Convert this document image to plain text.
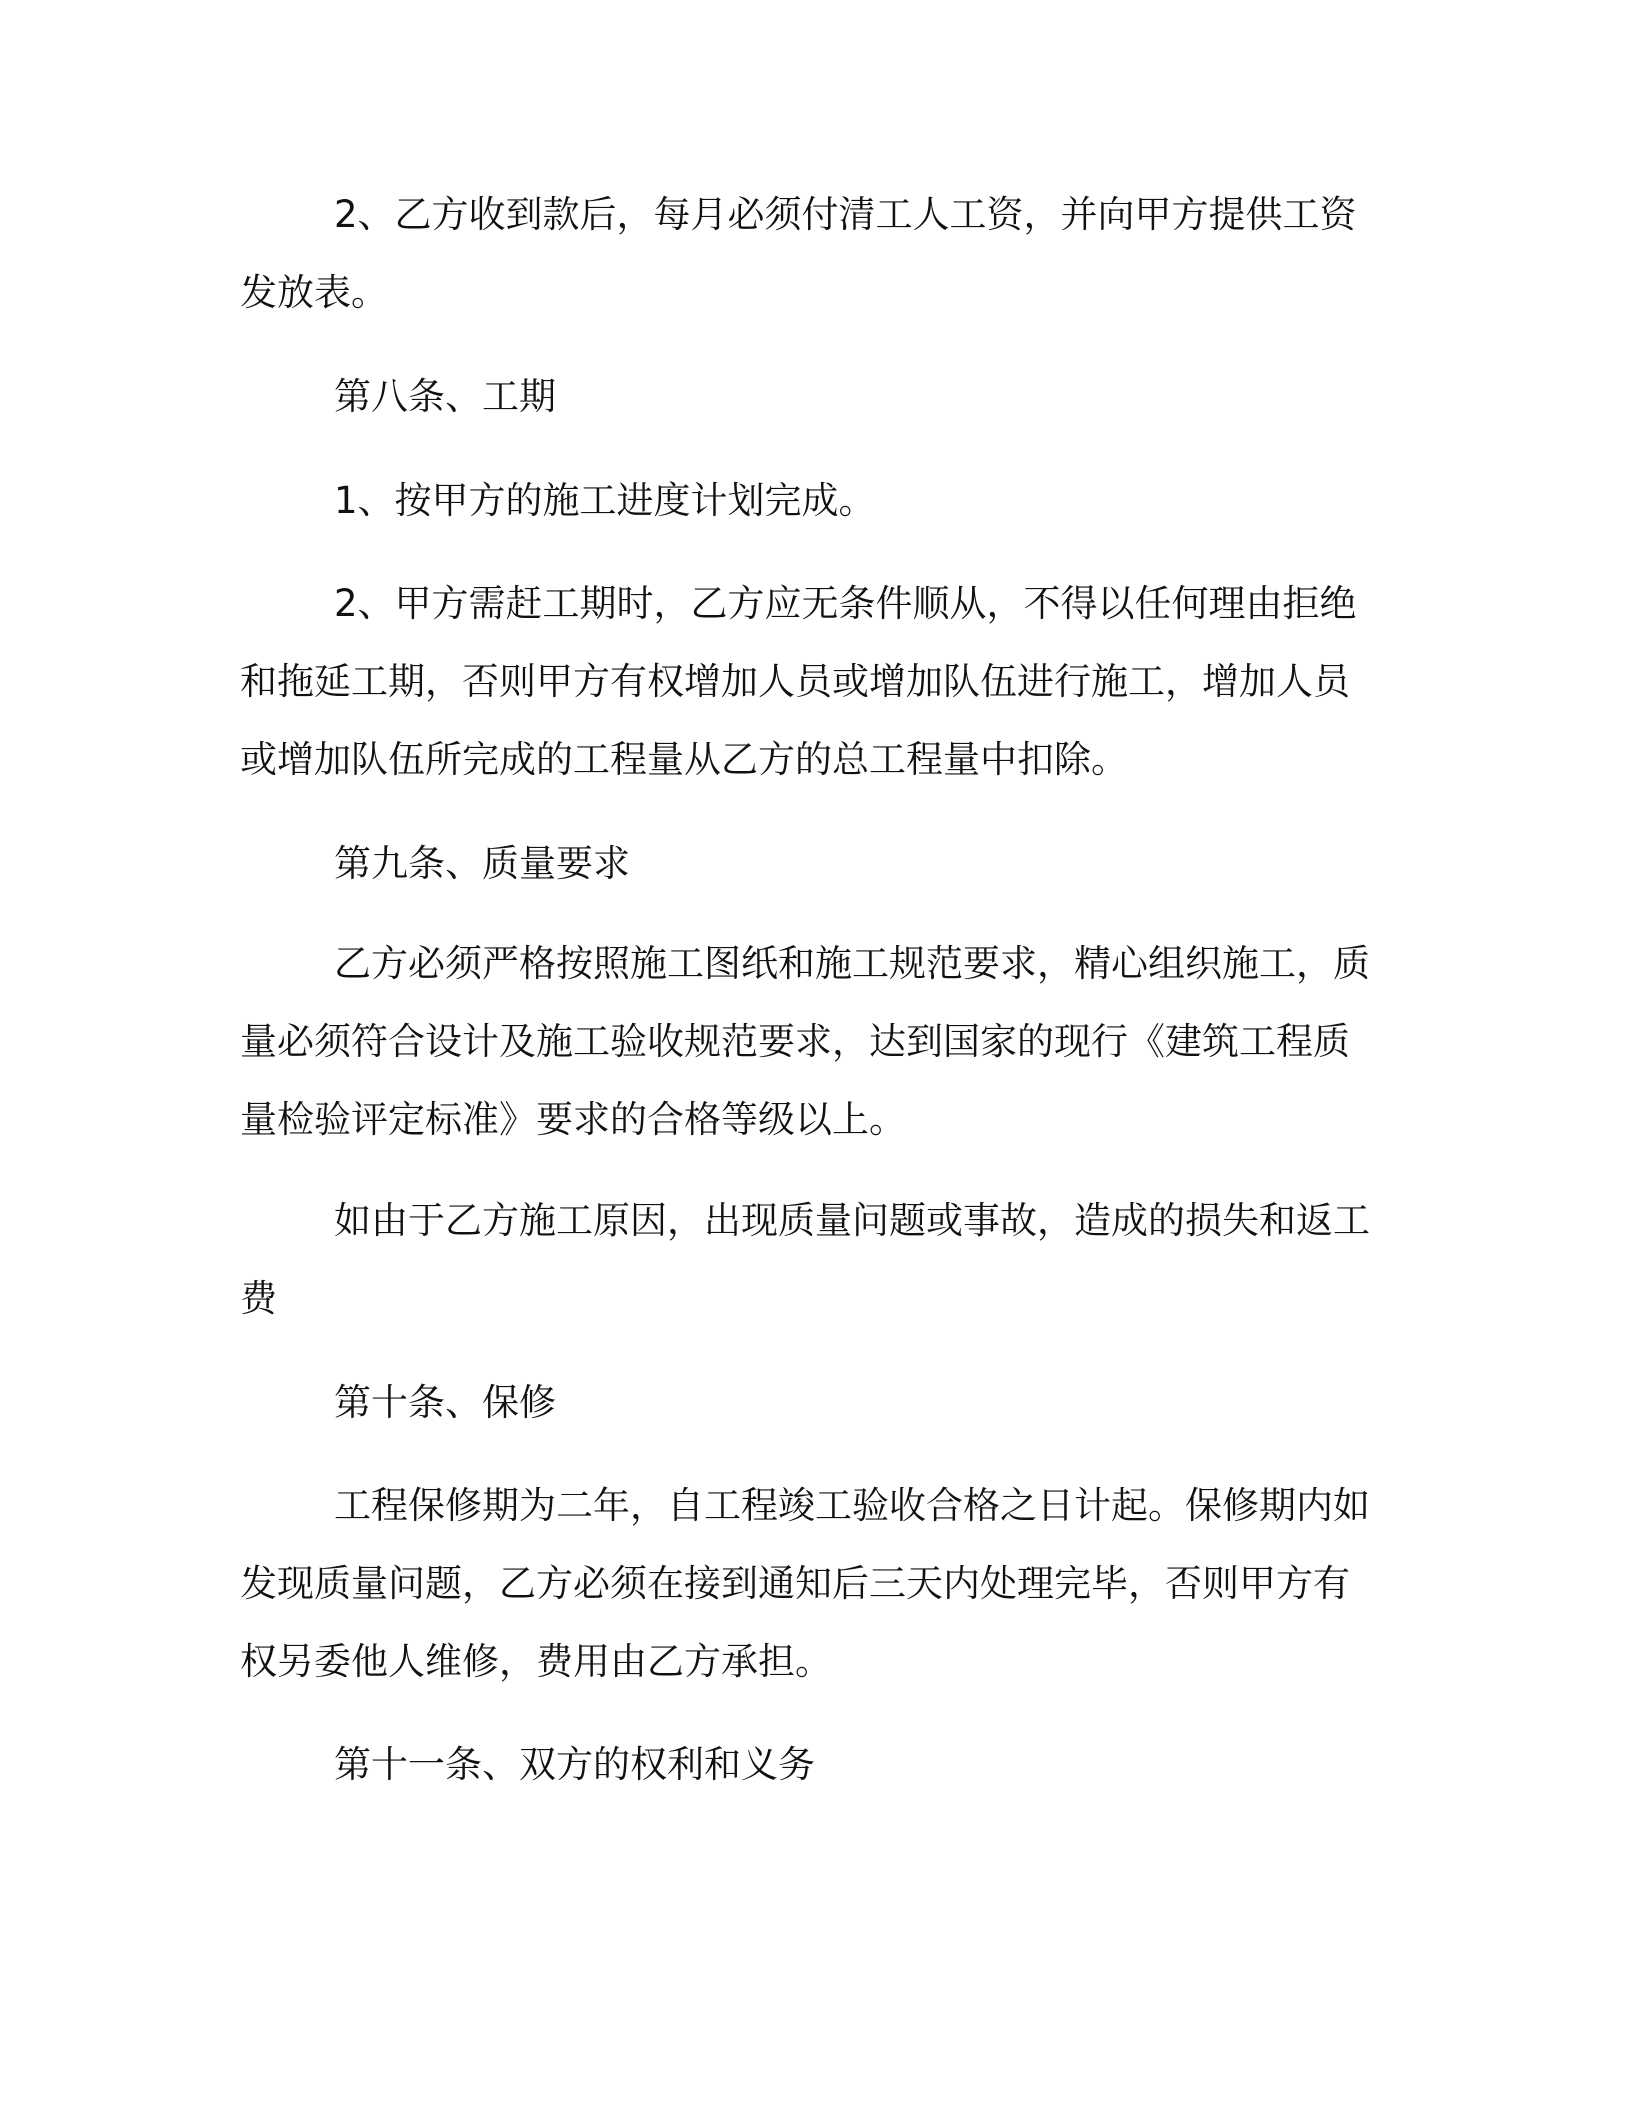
2、乙方收到款后，每月必须付清工人工资，并向甲方提供工资
发放表。
第八条、工期
1、按甲方的施工进度计划完成。
2、甲方需赶工期时，乙方应无条件顺从，不得以任何理由拒绝
和拖延工期，否则甲方有权增加人员或增加队伍进行施工，增加人员
或增加队伍所完成的工程量从乙方的总工程量中扣除。
第九条、质量要求
乙方必须严格按照施工图纸和施工规范要求，精心组织施工，质
量必须符合设计及施工验收规范要求，达到国家的现行《建筑工程质
量检验评定标准》要求的合格等级以上。
如由于乙方施工原因，出现质量问题或事故，造成的损失和返工
费
第十条、保修
工程保修期为二年，自工程竣工验收合格之日计起。保修期内如
发现质量问题，乙方必须在接到通知后三天内处理完毕，否则甲方有
权另委他人维修，费用由乙方承担。
第十一条、双方的权利和义务
